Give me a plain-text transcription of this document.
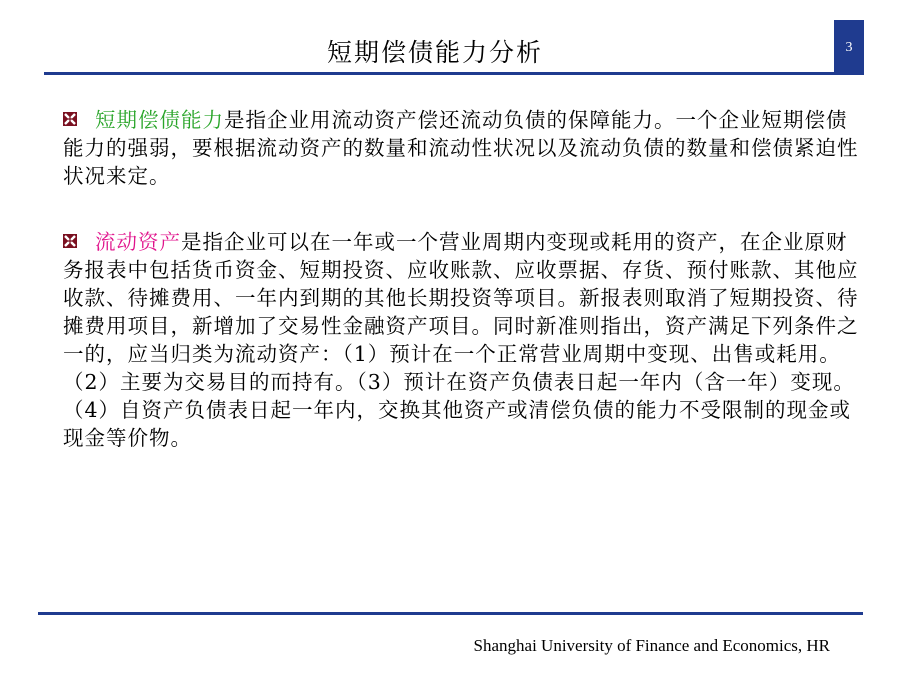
短期偿债能力分析	3
短期偿债能力是指企业用流动资产偿还流动负债的保障能力。一个企业短期偿债能力的强弱，要根据流动资产的数量和流动性状况以及流动负债的数量和偿债紧迫性状况来定。
流动资产是指企业可以在一年或一个营业周期内变现或耗用的资产，在企业原财务报表中包括货币资金、短期投资、应收账款、应收票据、存货、预付账款、其他应收款、待摊费用、一年内到期的其他长期投资等项目。新报表则取消了短期投资、待摊费用项目，新增加了交易性金融资产项目。同时新准则指出，资产满足下列条件之一的，应当归类为流动资产：（1）预计在一个正常营业周期中变现、出售或耗用。（2）主要为交易目的而持有。（3）预计在资产负债表日起一年内（含一年）变现。（4）自资产负债表日起一年内，交换其他资产或清偿负债的能力不受限制的现金或现金等价物。
Shanghai University of Finance and Economics, HR
